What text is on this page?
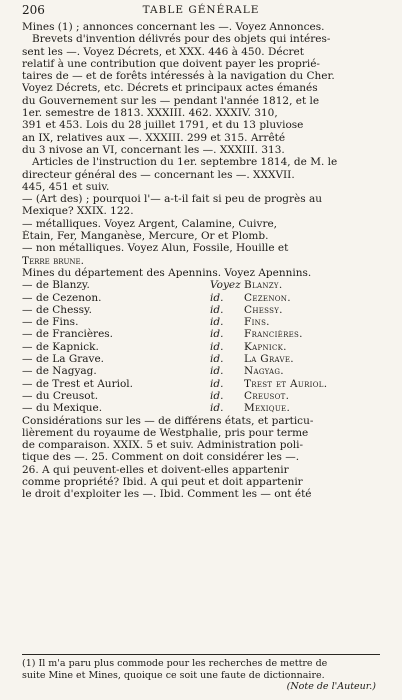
206	TABLE GÉNÉRALE
Mines (1) ; annonces concernant les —. Voyez Annonces.
Brevets d'invention délivrés pour des objets qui intéres-
sent les —. Voyez Décrets, et XXX. 446 à 450. Décret
relatif à une contribution que doivent payer les proprié-
taires de — et de forêts intéressés à la navigation du Cher.
Voyez Décrets, etc. Décrets et principaux actes émanés
du Gouvernement sur les — pendant l'année 1812, et le
1er. semestre de 1813. XXXIII. 462. XXXIV. 310,
391 et 453. Lois du 28 juillet 1791, et du 13 pluviose
an IX, relatives aux —. XXXIII. 299 et 315. Arrêté
du 3 nivose an VI, concernant les —. XXXIII. 313.
Articles de l'instruction du 1er. septembre 1814, de M. le
directeur général des — concernant les —. XXXVII.
445, 451 et suiv.
— (Art des) ; pourquoi l'— a-t-il fait si peu de progrès au
Mexique? XXIX. 122.
— métalliques. Voyez Argent, Calamine, Cuivre,
Étain, Fer, Manganèse, Mercure, Or et Plomb.
— non métalliques. Voyez Alun, Fossile, Houille et
Terre brune.
Mines du département des Apennins. Voyez Apennins.
—	de Blanzy.	Voyez	Blanzy.
—	de Cezenon.	id.	Cezenon.
—	de Chessy.	id.	Chessy.
—	de Fins.	id.	Fins.
—	de Francières.	id.	Francières.
—	de Kapnick.	id.	Kapnick.
—	de La Grave.	id.	La Grave.
—	de Nagyag.	id.	Nagyag.
—	de Trest et Auriol.	id.	Trest et Auriol.
—	du Creusot.	id.	Creusot.
—	du Mexique.	id.	Mexique.
Considérations sur les — de différens états, et particu-
lièrement du royaume de Westphalie, pris pour terme
de comparaison. XXIX. 5 et suiv. Administration poli-
tique des —. 25. Comment on doit considérer les —.
26. A qui peuvent-elles et doivent-elles appartenir
comme propriété? Ibid. A qui peut et doit appartenir
le droit d'exploiter les —. Ibid. Comment les — ont été
(1) Il m'a paru plus commode pour les recherches de mettre de
suite Mine et Mines, quoique ce soit une faute de dictionnaire.
(Note de l'Auteur.)
